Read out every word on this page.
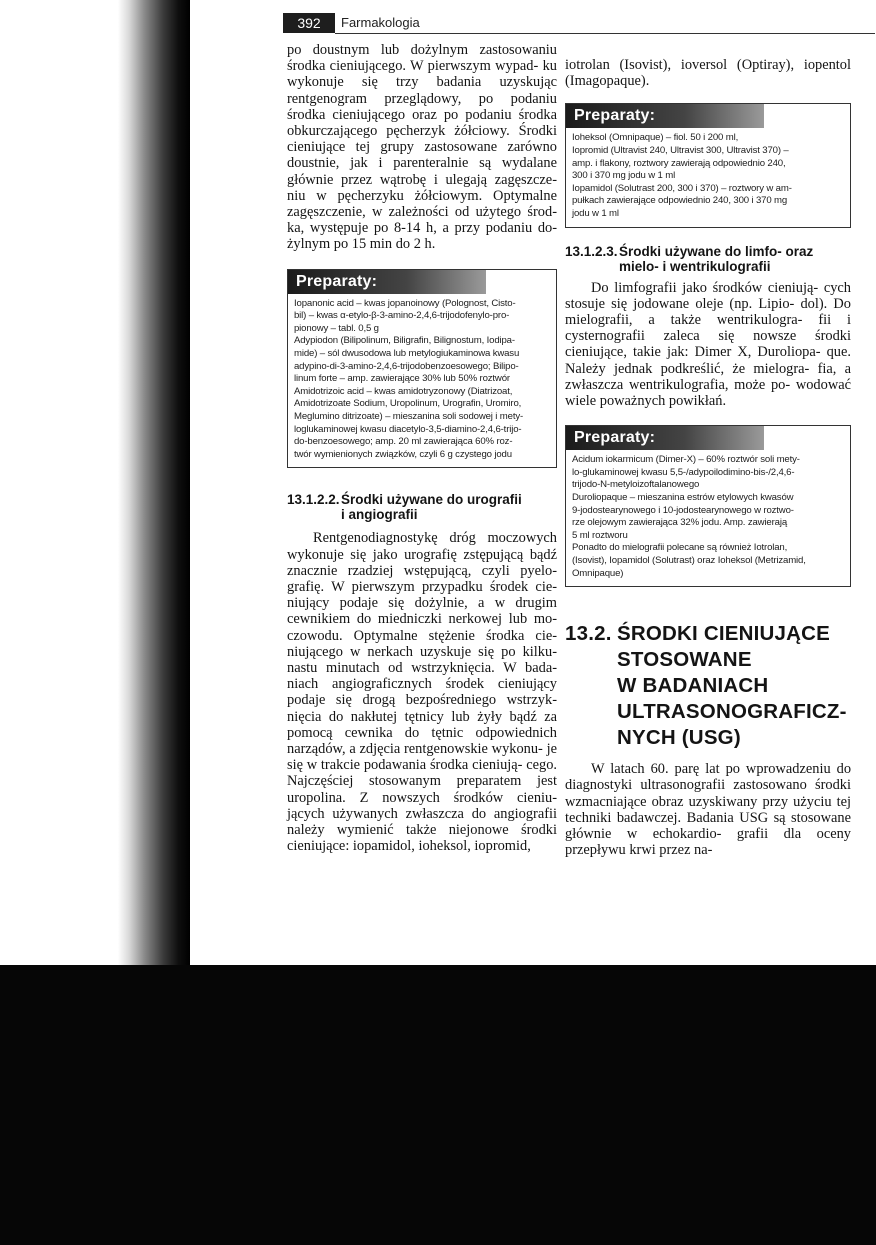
392	Farmakologia

po doustnym lub dożylnym zastosowaniu środka cieniującego. W pierwszym wypad- ku wykonuje się trzy badania uzyskując rentgenogram przeglądowy, po podaniu środka cieniującego oraz po podaniu środka obkurczającego pęcherzyk żółciowy. Środki cieniujące tej grupy zastosowane zarówno doustnie, jak i parenteralnie są wydalane głównie przez wątrobę i ulegają zagęszcze- niu w pęcherzyku żółciowym. Optymalne zagęszczenie, w zależności od użytego środ- ka, występuje po 8-14 h, a przy podaniu do- żylnym po 15 min do 2 h.

Preparaty:

Iopanonic acid – kwas jopanoinowy (Polognost, Cisto-
bil) – kwas α-etylo-β-3-amino-2,4,6-trijodofenylo-pro-
pionowy – tabl. 0,5 g
Adypiodon (Bilipolinum, Biligrafin, Bilignostum, Iodipa-
mide) – sól dwusodowa lub metylogiukaminowa kwasu
adypino-di-3-amino-2,4,6-trijodobenzoesowego; Bilipo-
linum forte – amp. zawierające 30% lub 50% roztwór
Amidotrizoic acid – kwas amidotryzonowy (Diatrizoat,
Amidotrizoate Sodium, Uropolinum, Urografin, Uromiro,
Meglumino ditrizoate) – mieszanina soli sodowej i mety-
loglukaminowej kwasu diacetylo-3,5-diamino-2,4,6-trijo-
do-benzoesowego; amp. 20 ml zawierająca 60% roz-
twór wymienionych związków, czyli 6 g czystego jodu

13.1.2.2.Środki używane do urografii
i angiografii

Rentgenodiagnostykę dróg moczowych wykonuje się jako urografię zstępującą bądź znacznie rzadziej wstępującą, czyli pyelo- grafię. W pierwszym przypadku środek cie- niujący podaje się dożylnie, a w drugim cewnikiem do miedniczki nerkowej lub mo- czowodu. Optymalne stężenie środka cie- niującego w nerkach uzyskuje się po kilku- nastu minutach od wstrzyknięcia. W bada- niach angiograficznych środek cieniujący podaje się drogą bezpośredniego wstrzyk- nięcia do nakłutej tętnicy lub żyły bądź za pomocą cewnika do tętnic odpowiednich narządów, a zdjęcia rentgenowskie wykonu- je się w trakcie podawania środka cieniują- cego. Najczęściej stosowanym preparatem jest uropolina. Z nowszych środków cieniu- jących używanych zwłaszcza do angiografii należy wymienić także niejonowe środki cieniujące: iopamidol, ioheksol, iopromid,

iotrolan (Isovist), ioversol (Optiray), iopentol (Imagopaque).

Preparaty:

Ioheksol (Omnipaque) – fiol. 50 i 200 ml,
Iopromid (Ultravist 240, Ultravist 300, Ultravist 370) –
amp. i flakony, roztwory zawierają odpowiednio 240,
300 i 370 mg jodu w 1 ml
Iopamidol (Solutrast 200, 300 i 370) – roztwory w am-
pułkach zawierające odpowiednio 240, 300 i 370 mg
jodu w 1 ml

13.1.2.3.Środki używane do limfo- oraz
mielo- i wentrikulografii

Do limfografii jako środków cieniują- cych stosuje się jodowane oleje (np. Lipio- dol). Do mielografii, a także wentrikulogra- fii i cysternografii zaleca się nowsze środki cieniujące, takie jak: Dimer X, Duroliopa- que. Należy jednak podkreślić, że mielogra- fia, a zwłaszcza wentrikulografia, może po- wodować wiele poważnych powikłań.

Preparaty:

Acidum iokarmicum (Dimer-X) – 60% roztwór soli mety-
lo-glukaminowej kwasu 5,5-/adypoilodimino-bis-/2,4,6-
trijodo-N-metyloizoftalanowego
Duroliopaque – mieszanina estrów etylowych kwasów
9-jodostearynowego i 10-jodostearynowego w roztwo-
rze olejowym zawierająca 32% jodu. Amp. zawierają
5 ml roztworu
Ponadto do mielografii polecane są również Iotrolan,
(Isovist), Iopamidol (Solutrast) oraz Ioheksol (Metrizamid,
Omnipaque)

13.2. ŚRODKI CIENIUJĄCE
STOSOWANE
W BADANIACH
ULTRASONOGRAFICZ-
NYCH (USG)

W latach 60. parę lat po wprowadzeniu do diagnostyki ultrasonografii zastosowano środki wzmacniające obraz uzyskiwany przy użyciu tej techniki badawczej. Badania USG są stosowane głównie w echokardio- grafii dla oceny przepływu krwi przez na-
